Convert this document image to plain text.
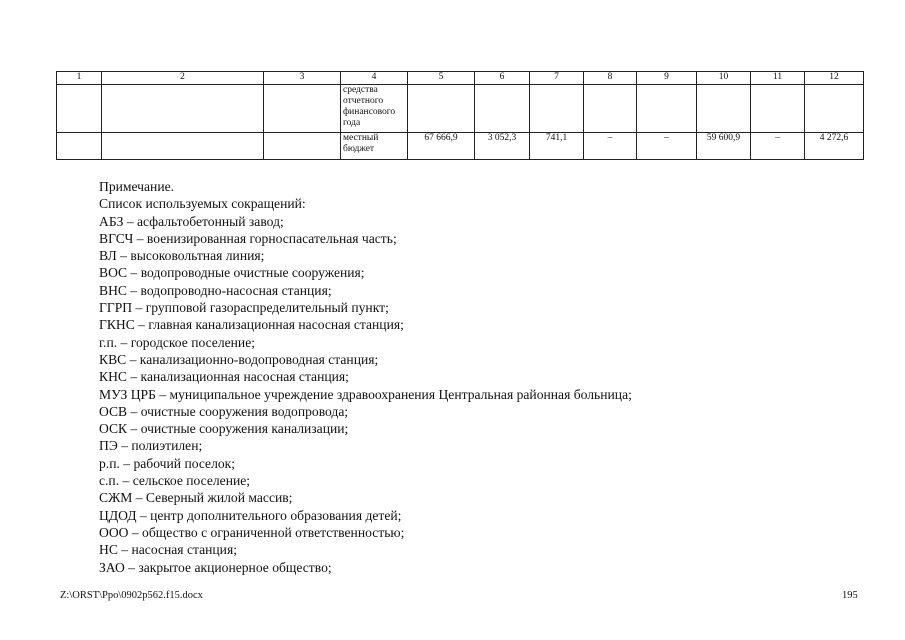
1	2	3	4	5	6	7	8	9	10	11	12
			средства отчетного финансового года								
			местный бюджет	67 666,9	3 052,3	741,1	–	–	59 600,9	–	4 272,6
Примечание.
Список используемых сокращений:
АБЗ – асфальтобетонный завод;
ВГСЧ – военизированная горноспасательная часть;
ВЛ – высоковольтная линия;
ВОС – водопроводные очистные сооружения;
ВНС – водопроводно-насосная станция;
ГГРП – групповой газораспределительный пункт;
ГКНС – главная канализационная насосная станция;
г.п. – городское поселение;
КВС – канализационно-водопроводная станция;
КНС – канализационная насосная станция;
МУЗ ЦРБ – муниципальное учреждение здравоохранения Центральная районная больница;
ОСВ – очистные сооружения водопровода;
ОСК – очистные сооружения канализации;
ПЭ – полиэтилен;
р.п. – рабочий поселок;
с.п. – сельское поселение;
СЖМ – Северный жилой массив;
ЦДОД – центр дополнительного образования детей;
ООО – общество с ограниченной ответственностью;
НС – насосная станция;
ЗАО – закрытое акционерное общество;
Z:\ORST\Ppo\0902p562.f15.docx	195
